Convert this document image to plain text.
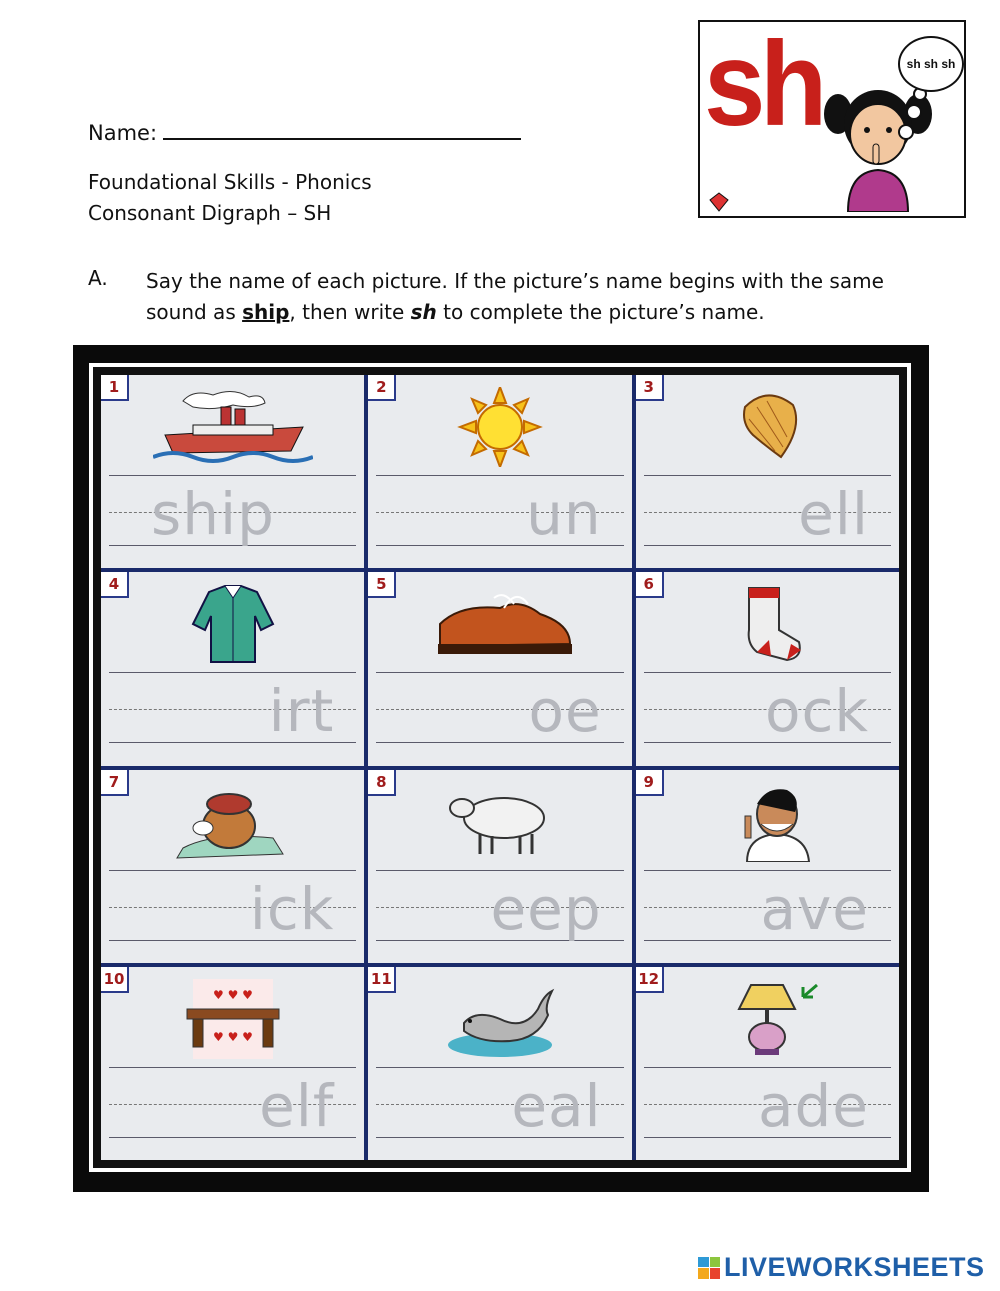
Name:
Foundational Skills - Phonics
Consonant Digraph – SH
sh	sh sh sh
A. Say the name of each picture. If the picture’s name begins with the same sound as ship, then write sh to complete the picture’s name.
1
ship
2
un
3
ell
4
irt
5
oe
6
ock
7
ick
8
eep
9
ave
10
♥ ♥ ♥
♥ ♥ ♥
elf
11
eal
12
ade
LIVEWORKSHEETS
